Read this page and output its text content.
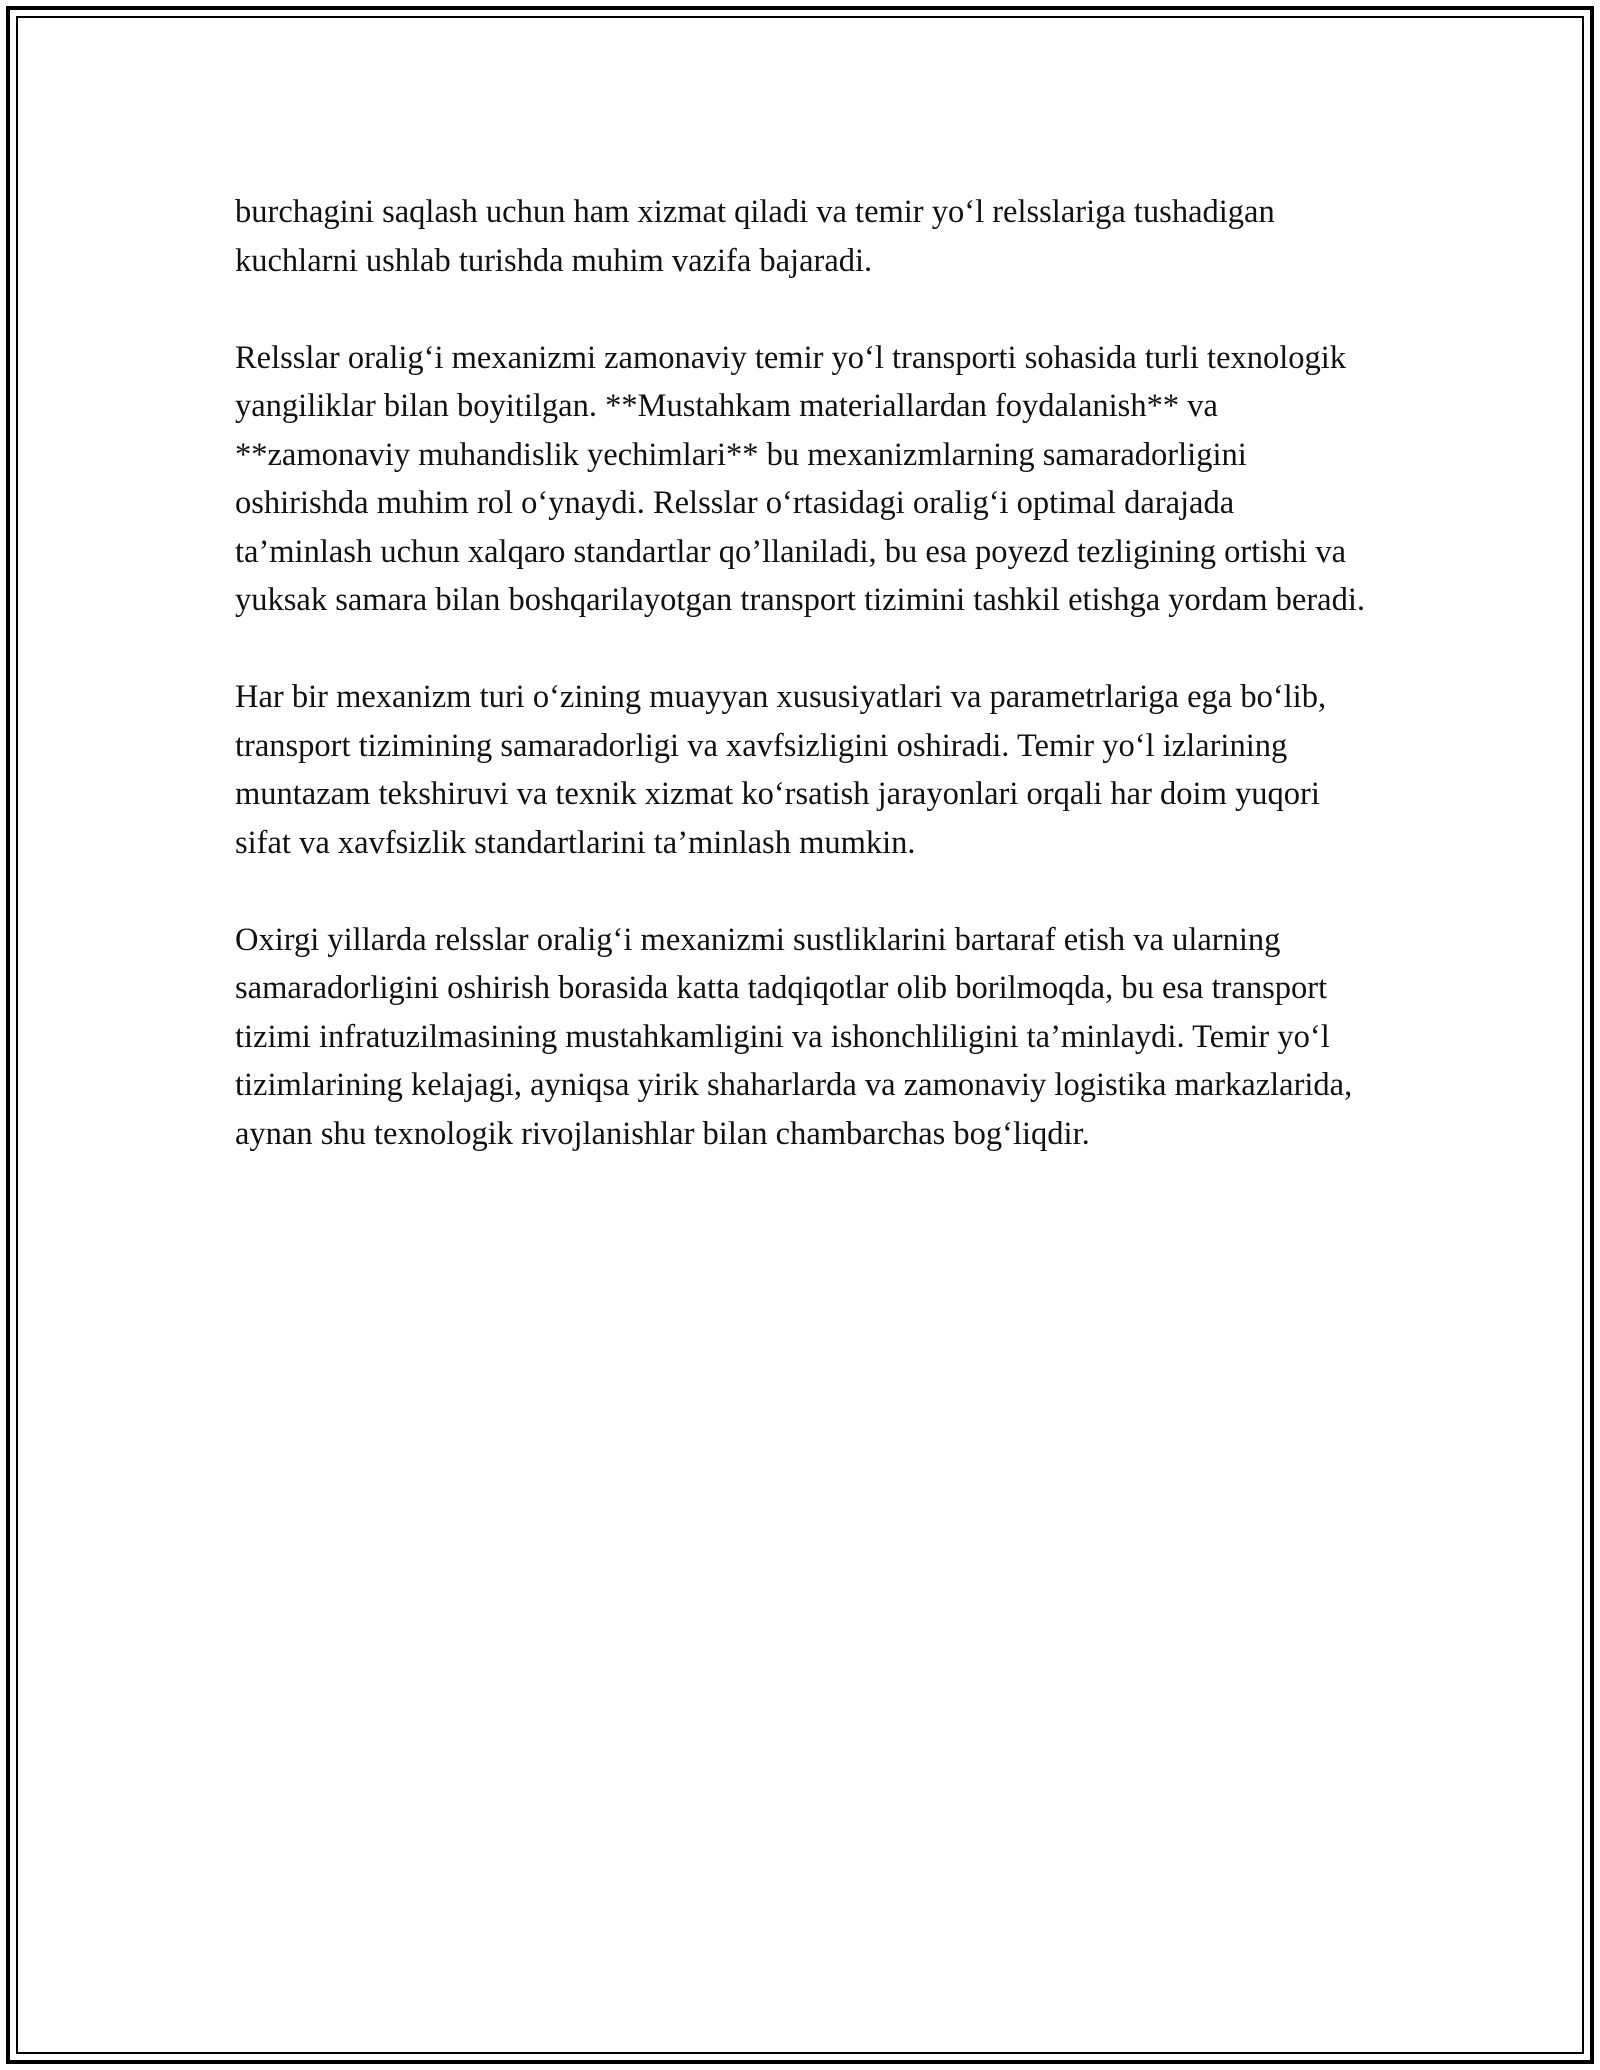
burchagini saqlash uchun ham xizmat qiladi va temir yo‘l relsslariga tushadigan kuchlarni ushlab turishda muhim vazifa bajaradi.

Relsslar oralig‘i mexanizmi zamonaviy temir yo‘l transporti sohasida turli texnologik yangiliklar bilan boyitilgan. **Mustahkam materiallardan foydalanish** va **zamonaviy muhandislik yechimlari** bu mexanizmlarning samaradorligini oshirishda muhim rol o‘ynaydi. Relsslar o‘rtasidagi oralig‘i optimal darajada ta’minlash uchun xalqaro standartlar qo’llaniladi, bu esa poyezd tezligining ortishi va yuksak samara bilan boshqarilayotgan transport tizimini tashkil etishga yordam beradi.

Har bir mexanizm turi o‘zining muayyan xususiyatlari va parametrlariga ega bo‘lib, transport tizimining samaradorligi va xavfsizligini oshiradi. Temir yo‘l izlarining muntazam tekshiruvi va texnik xizmat ko‘rsatish jarayonlari orqali har doim yuqori sifat va xavfsizlik standartlarini ta’minlash mumkin.

Oxirgi yillarda relsslar oralig‘i mexanizmi sustliklarini bartaraf etish va ularning samaradorligini oshirish borasida katta tadqiqotlar olib borilmoqda, bu esa transport tizimi infratuzilmasining mustahkamligini va ishonchliligini ta’minlaydi. Temir yo‘l tizimlarining kelajagi, ayniqsa yirik shaharlarda va zamonaviy logistika markazlarida, aynan shu texnologik rivojlanishlar bilan chambarchas bog‘liqdir.
